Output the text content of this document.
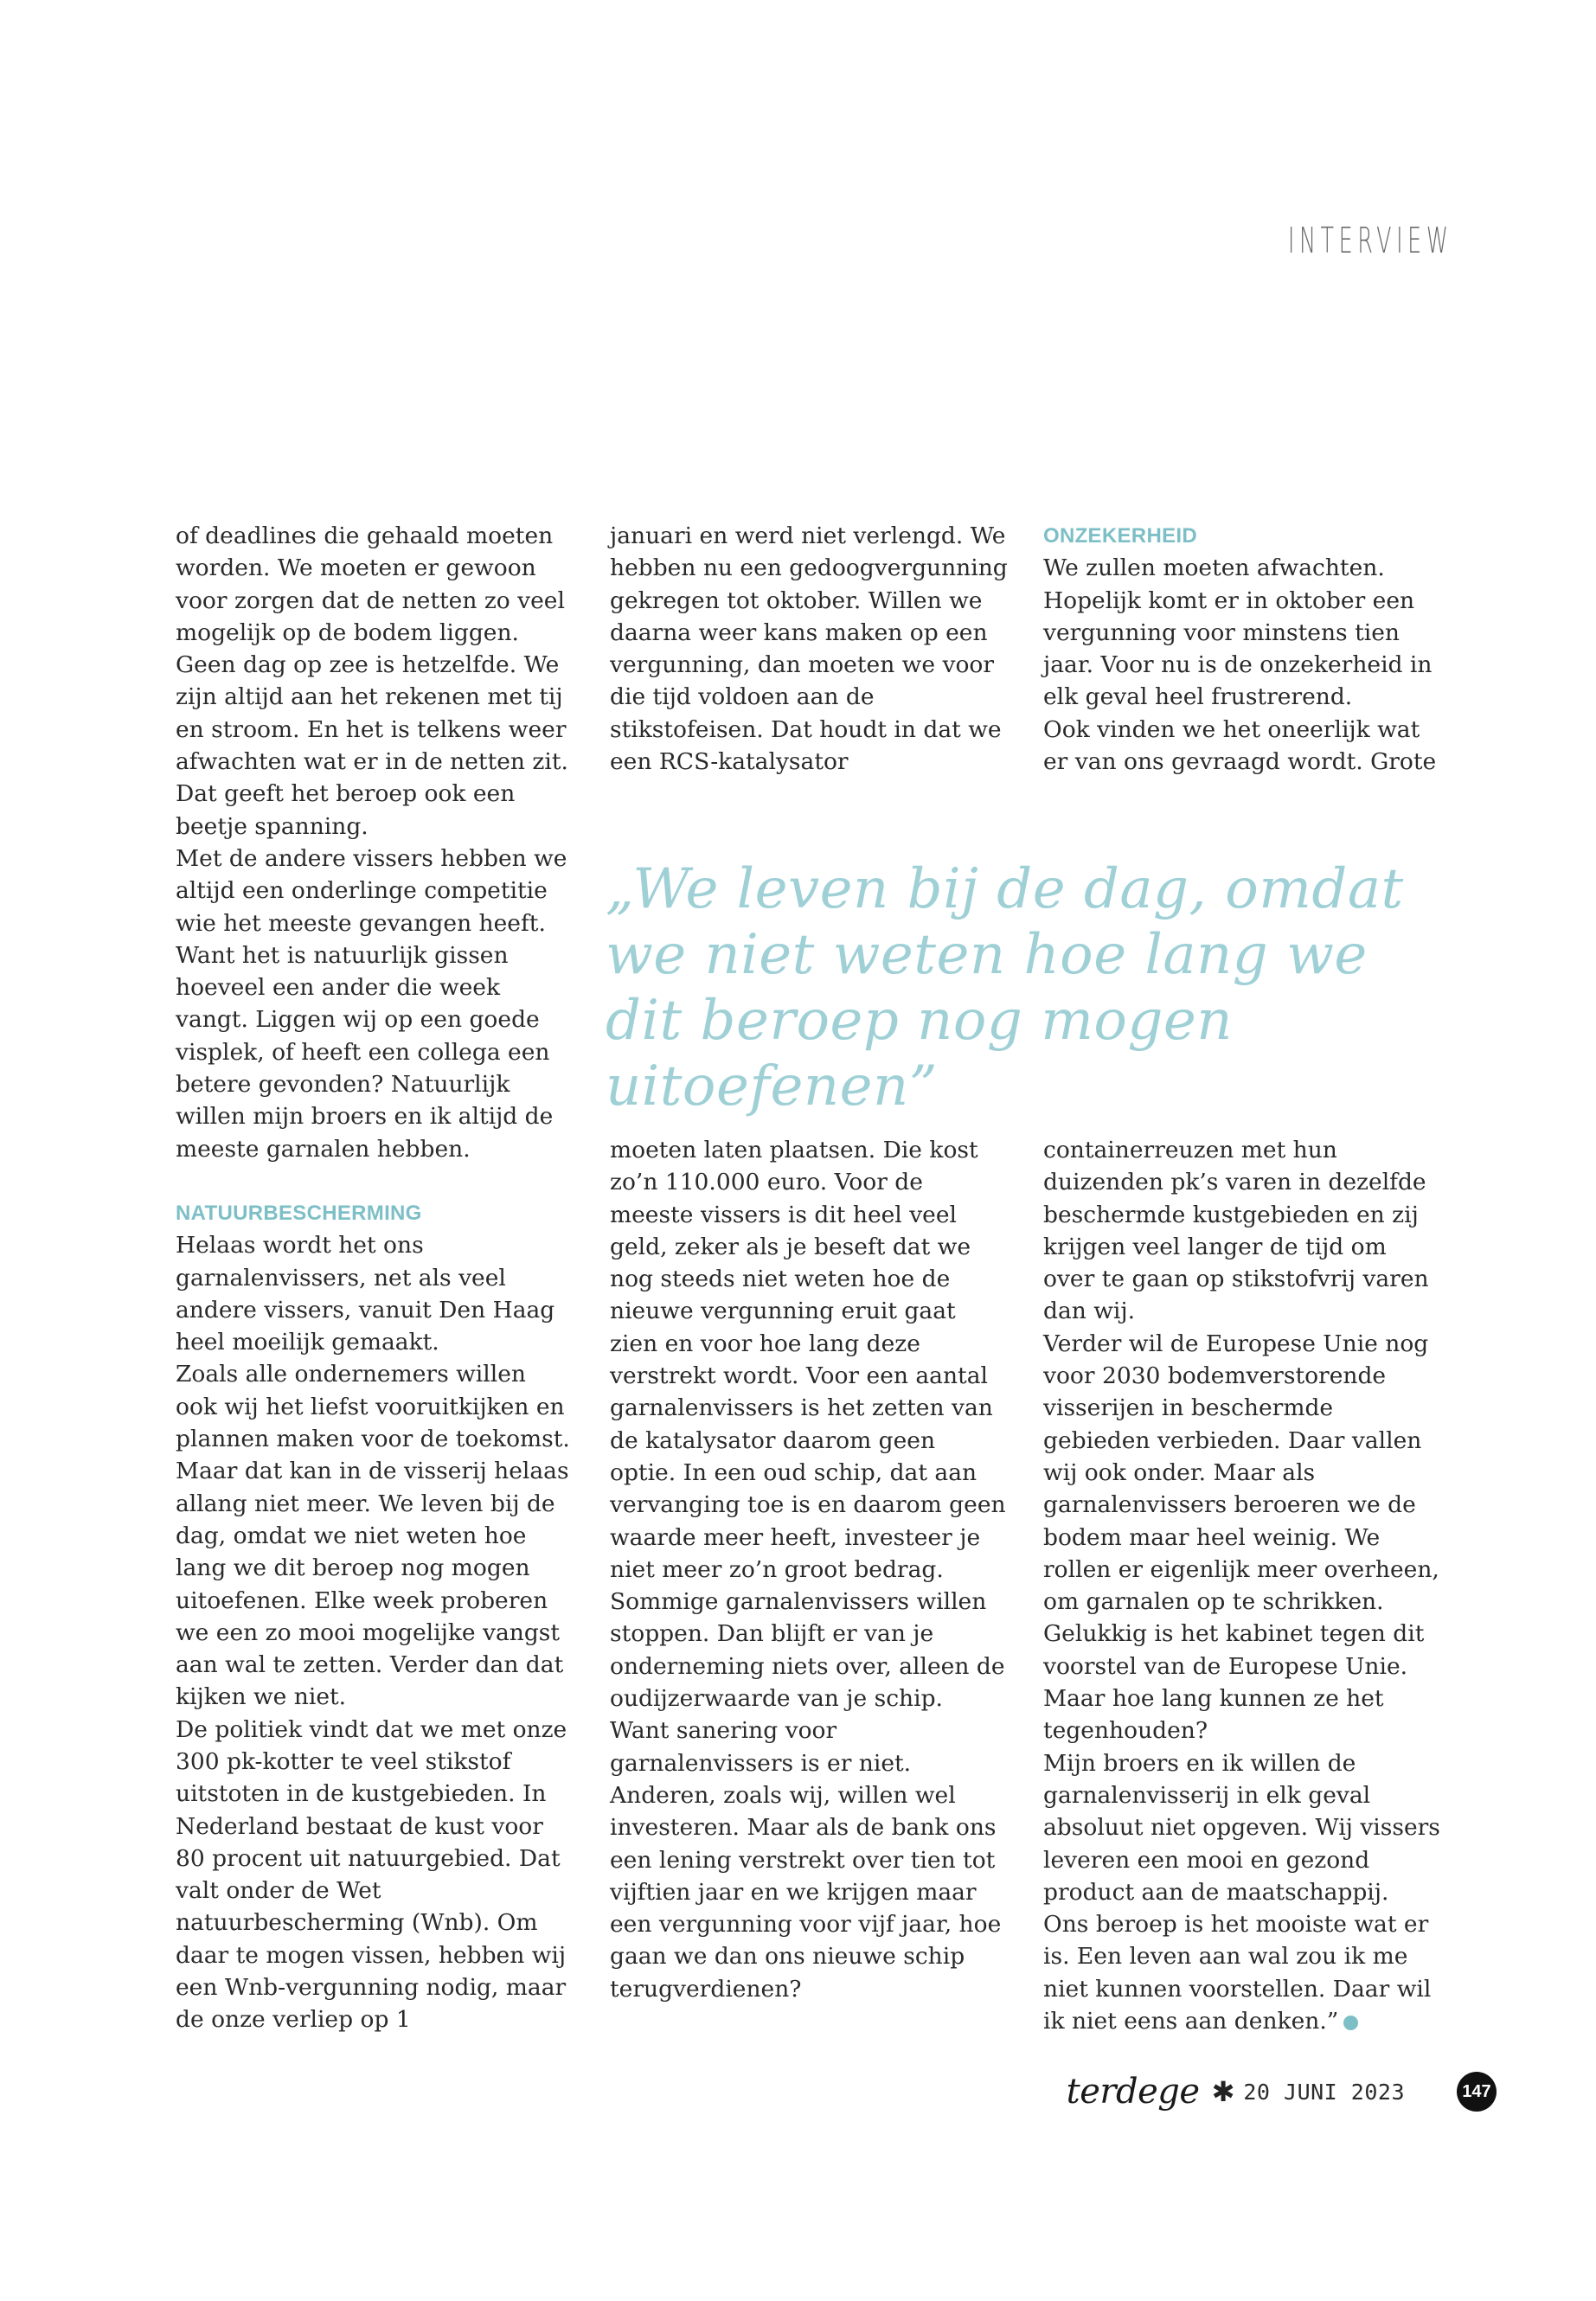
INTERVIEW

of deadlines die gehaald moeten worden. We moeten er gewoon voor zorgen dat de netten zo veel mogelijk op de bodem liggen. Geen dag op zee is hetzelfde. We zijn altijd aan het rekenen met tij en stroom. En het is telkens weer afwachten wat er in de netten zit. Dat geeft het beroep ook een beetje spanning.

Met de andere vissers hebben we altijd een onderlinge competitie wie het meeste gevangen heeft. Want het is natuurlijk gissen hoeveel een ander die week vangt. Liggen wij op een goede visplek, of heeft een collega een betere gevonden? Natuurlijk willen mijn broers en ik altijd de meeste garnalen hebben.

NATUURBESCHERMING

Helaas wordt het ons garnalenvissers, net als veel andere vissers, vanuit Den Haag heel moeilijk gemaakt.

Zoals alle ondernemers willen ook wij het liefst vooruitkijken en plannen maken voor de toekomst. Maar dat kan in de visserij helaas allang niet meer. We leven bij de dag, omdat we niet weten hoe lang we dit beroep nog mogen uitoefenen. Elke week proberen we een zo mooi mogelijke vangst aan wal te zetten. Verder dan dat kijken we niet.

De politiek vindt dat we met onze 300 pk-kotter te veel stikstof uitstoten in de kustgebieden. In Nederland bestaat de kust voor 80 procent uit natuurgebied. Dat valt onder de Wet natuurbescherming (Wnb). Om daar te mogen vissen, hebben wij een Wnb-vergunning nodig, maar de onze verliep op 1

januari en werd niet verlengd. We hebben nu een gedoogvergunning gekregen tot oktober. Willen we daarna weer kans maken op een vergunning, dan moeten we voor die tijd voldoen aan de stikstofeisen. Dat houdt in dat we een RCS-katalysator

ONZEKERHEID

We zullen moeten afwachten. Hopelijk komt er in oktober een vergunning voor minstens tien jaar. Voor nu is de onzekerheid in elk geval heel frustrerend.

Ook vinden we het oneerlijk wat er van ons gevraagd wordt. Grote

„We leven bij de dag, omdat we niet weten hoe lang we dit beroep nog mogen uitoefenen”

moeten laten plaatsen. Die kost zo’n 110.000 euro. Voor de meeste vissers is dit heel veel geld, zeker als je beseft dat we nog steeds niet weten hoe de nieuwe vergunning eruit gaat zien en voor hoe lang deze verstrekt wordt. Voor een aantal garnalenvissers is het zetten van de katalysator daarom geen optie. In een oud schip, dat aan vervanging toe is en daarom geen waarde meer heeft, investeer je niet meer zo’n groot bedrag.

Sommige garnalenvissers willen stoppen. Dan blijft er van je onderneming niets over, alleen de oudijzerwaarde van je schip. Want sanering voor garnalenvissers is er niet.

Anderen, zoals wij, willen wel investeren. Maar als de bank ons een lening verstrekt over tien tot vijftien jaar en we krijgen maar een vergunning voor vijf jaar, hoe gaan we dan ons nieuwe schip terugverdienen?

containerreuzen met hun duizenden pk’s varen in dezelfde beschermde kustgebieden en zij krijgen veel langer de tijd om over te gaan op stikstofvrij varen dan wij.

Verder wil de Europese Unie nog voor 2030 bodemverstorende visserijen in beschermde gebieden verbieden. Daar vallen wij ook onder. Maar als garnalenvissers beroeren we de bodem maar heel weinig. We rollen er eigenlijk meer overheen, om garnalen op te schrikken. Gelukkig is het kabinet tegen dit voorstel van de Europese Unie. Maar hoe lang kunnen ze het tegenhouden?

Mijn broers en ik willen de garnalenvisserij in elk geval absoluut niet opgeven. Wij vissers leveren een mooi en gezond product aan de maatschappij. Ons beroep is het mooiste wat er is. Een leven aan wal zou ik me niet kunnen voorstellen. Daar wil ik niet eens aan denken.”

terdege ✱ 20 JUNI 2023	147
